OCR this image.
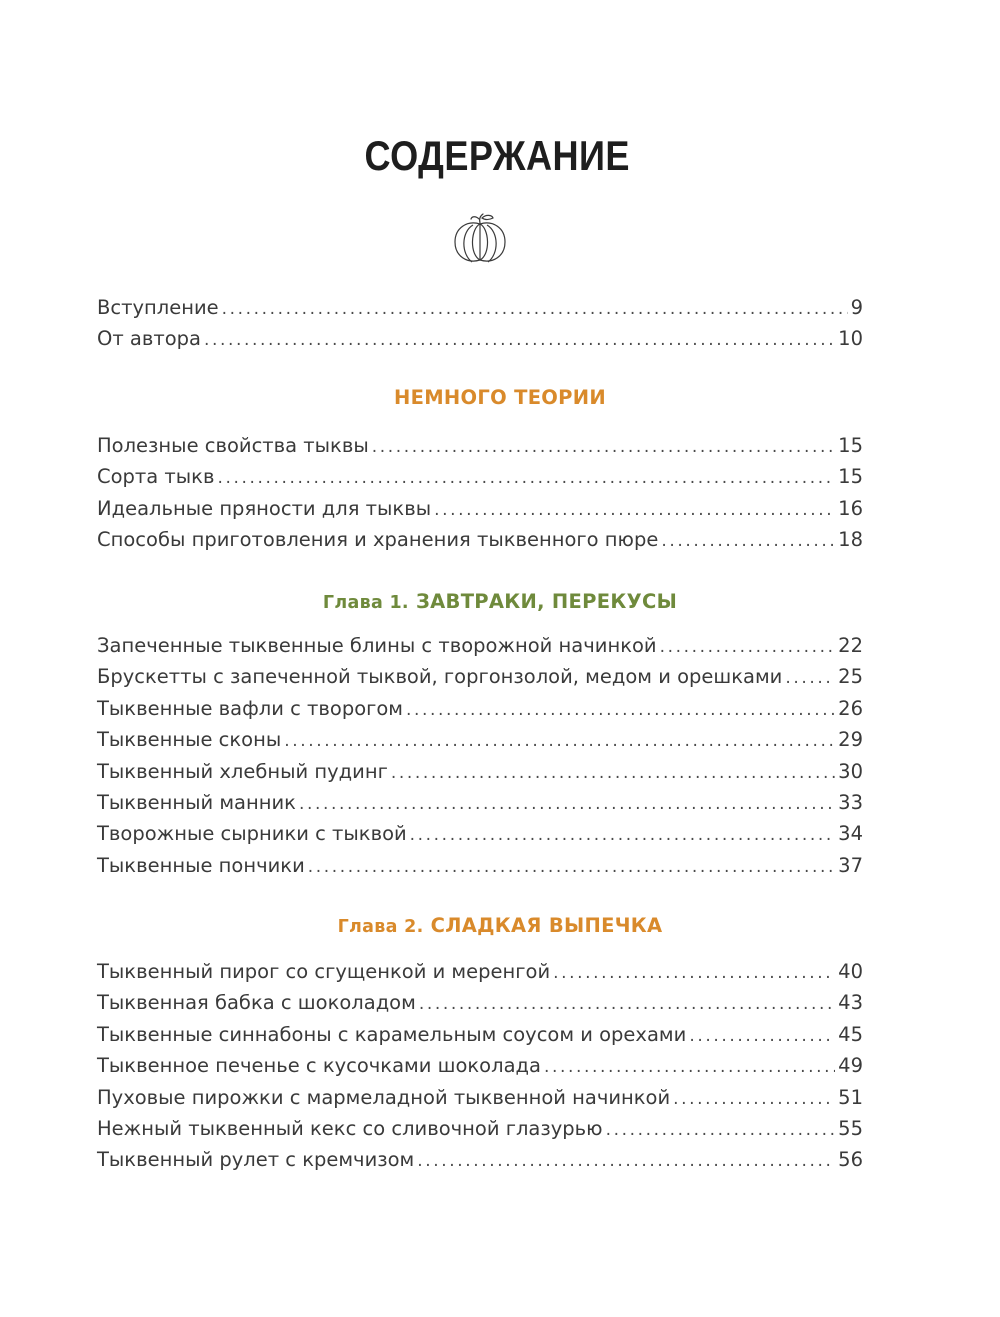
СОДЕРЖАНИЕ
Вступление .....	9
От автора .....	10
НЕМНОГО ТЕОРИИ
Полезные свойства тыквы .....	15
Сорта тыкв .....	15
Идеальные пряности для тыквы .....	16
Способы приготовления и хранения тыквенного пюре .....	18
Глава 1. ЗАВТРАКИ, ПЕРЕКУСЫ
Запеченные тыквенные блины с творожной начинкой .....	22
Брускетты с запеченной тыквой, горгонзолой, медом и орешками .....	25
Тыквенные вафли с творогом .....	26
Тыквенные сконы .....	29
Тыквенный хлебный пудинг .....	30
Тыквенный манник .....	33
Творожные сырники с тыквой .....	34
Тыквенные пончики .....	37
Глава 2. СЛАДКАЯ ВЫПЕЧКА
Тыквенный пирог со сгущенкой и меренгой .....	40
Тыквенная бабка с шоколадом .....	43
Тыквенные синнабоны с карамельным соусом и орехами .....	45
Тыквенное печенье с кусочками шоколада .....	49
Пуховые пирожки с мармеладной тыквенной начинкой .....	51
Нежный тыквенный кекс со сливочной глазурью .....	55
Тыквенный рулет с кремчизом .....	56
